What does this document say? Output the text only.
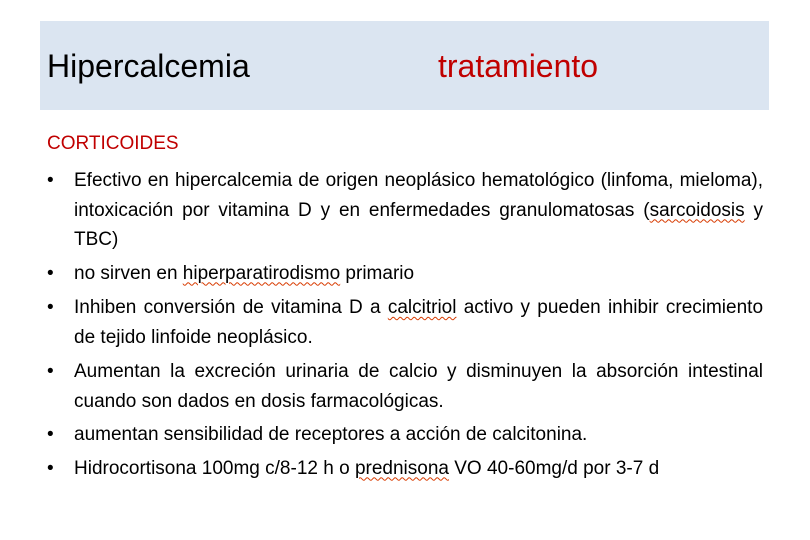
Hipercalcemia	tratamiento
CORTICOIDES
•	Efectivo en hipercalcemia de origen neoplásico hematológico (linfoma, mieloma), intoxicación por vitamina D y en enfermedades granulomatosas (sarcoidosis y TBC)
•	no sirven en hiperparatirodismo primario
•	Inhiben conversión de vitamina D a calcitriol activo y pueden inhibir crecimiento de tejido linfoide neoplásico.
•	Aumentan la excreción urinaria de calcio y disminuyen la absorción intestinal cuando son dados en dosis farmacológicas.
•	aumentan sensibilidad de receptores a acción de calcitonina.
•	Hidrocortisona 100mg c/8-12 h o prednisona VO 40-60mg/d por 3-7 d
